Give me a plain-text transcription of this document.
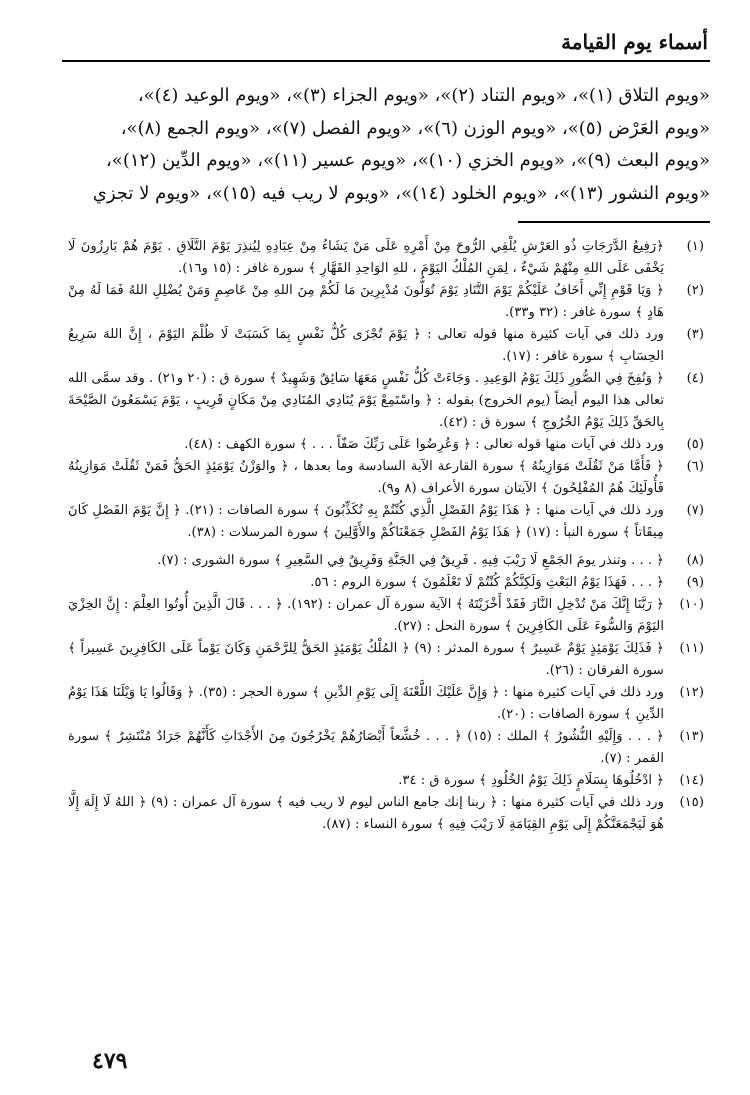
أسماء يوم القيامة
«ويوم التلاق (١)»، «ويوم التناد (٢)»، «ويوم الجزاء (٣)»، «ويوم الوعيد (٤)»،
«ويوم العَرْض (٥)»، «ويوم الوزن (٦)»، «ويوم الفصل (٧)»، «ويوم الجمع (٨)»،
«ويوم البعث (٩)»، «ويوم الخزي (١٠)»، «ويوم عسير (١١)»، «ويوم الدِّين (١٢)»،
«ويوم النشور (١٣)»، «ويوم الخلود (١٤)»، «ويوم لا ريب فيه (١٥)»، «ويوم لا تجزي
(١)
﴿رَفِيعُ الدَّرَجَاتِ ذُو العَرْشِ يُلْقِي الرُّوحَ مِنْ أَمْرِهِ عَلَى مَنْ يَشَاءُ مِنْ عِبَادِهِ لِيُنذِرَ يَوْمَ التَّلَاقِ . يَوْمَ هُمْ بَارِزُونَ لَا يَخْفَى عَلَى اللهِ مِنْهُمْ شَيْءٌ ، لِمَنِ المُلْكُ اليَوْمَ ، للهِ الوَاحِدِ القَهَّارِ ﴾ سورة غافر : (١٥ و١٦).
(٢)
﴿ وَيَا قَوْمِ إِنِّي أَخَافُ عَلَيْكُمْ يَوْمَ التَّنَادِ يَوْمَ تُوَلُّونَ مُدْبِرِينَ مَا لَكُمْ مِنَ اللهِ مِنْ عَاصِمٍ وَمَنْ يُضْلِلِ اللهُ فَمَا لَهُ مِنْ هَادٍ ﴾ سورة غافر : (٣٢ و٣٣).
(٣)
ورد ذلك في آيات كثيرة منها قوله تعالى : ﴿ يَوْمَ تُجْزَى كُلُّ نَفْسٍ بِمَا كَسَبَتْ لَا ظُلْمَ اليَوْمَ ، إِنَّ اللهَ سَرِيعُ الحِسَابِ ﴾ سورة غافر : (١٧).
(٤)
﴿ وَنُفِخَ فِي الصُّورِ ذَلِكَ يَوْمُ الوَعِيدِ . وَجَاءَتْ كُلُّ نَفْسٍ مَعَهَا سَائِقٌ وَشَهِيدٌ ﴾ سورة ق : (٢٠ و٢١) . وقد سمَّى الله تعالى هذا اليوم أيضاً (يوم الخروج) بقوله : ﴿ واسْتَمِعْ يَوْمَ يُنَادِي المُنَادِي مِنْ مَكَانٍ قَرِيبٍ ، يَوْمَ يَسْمَعُونَ الصَّيْحَةَ بِالحَقِّ ذَلِكَ يَوْمُ الخُرُوجِ ﴾ سورة ق : (٤٢).
(٥)
ورد ذلك في آيات منها قوله تعالى : ﴿ وَعُرِضُوا عَلَى رَبِّكَ صَفّاً . . . ﴾ سورة الكهف : (٤٨).
(٦)
﴿ فَأَمَّا مَنْ ثَقُلَتْ مَوَازِينُهُ ﴾ سورة القارعة الآية السادسة وما بعدها ، ﴿ والوَزْنُ يَوْمَئِذٍ الحَقُّ فَمَنْ ثَقُلَتْ مَوَازِينُهُ فَأُولَئِكَ هُمُ المُفْلِحُونَ ﴾ الآيتان سورة الأعراف (٨ و٩).
(٧)
ورد ذلك في آيات منها : ﴿ هَذَا يَوْمُ الفَصْلِ الَّذِي كُنْتُمْ بِهِ تُكَذِّبُونَ ﴾ سورة الصافات : (٢١). ﴿ إِنَّ يَوْمَ الفَصْلِ كَانَ مِيقَاتاً ﴾ سورة النبأ : (١٧) ﴿ هَذَا يَوْمُ الفَصْلِ جَمَعْنَاكُمْ والأَوَّلِينَ ﴾ سورة المرسلات : (٣٨).
(٨)
﴿ . . . وتنذر يومَ الجَمْعِ لَا رَيْبَ فِيهِ . فَرِيقٌ فِي الجَنَّةِ وَفَرِيقٌ فِي السَّعِيرِ ﴾ سورة الشورى : (٧).
(٩)
﴿ . . . فَهَذَا يَوْمُ البَعْثِ وَلَكِنَّكُمْ كُنْتُمْ لَا تَعْلَمُونَ ﴾ سورة الروم : ٥٦.
(١٠)
﴿ رَبَّنَا إِنَّكَ مَنْ تُدْخِلِ النَّارَ فَقَدْ أَخْزَيْتَهُ ﴾ الآية سورة آل عمران : (١٩٢). ﴿ . . . قَالَ الَّذِينَ أُوتُوا العِلْمَ : إِنَّ الخِزْيَ اليَوْمَ وَالسُّوءَ عَلَى الكَافِرِينَ ﴾ سورة النحل : (٢٧).
(١١)
﴿ فَذَلِكَ يَوْمَئِذٍ يَوْمٌ عَسِيرٌ ﴾ سورة المدثر : (٩) ﴿ المُلْكُ يَوْمَئِذٍ الحَقُّ لِلرَّحْمَنِ وَكَانَ يَوْماً عَلَى الكَافِرِينَ عَسِيراً ﴾ سورة الفرقان : (٢٦).
(١٢)
ورد ذلك في آيات كثيرة منها : ﴿ وَإِنَّ عَلَيْكَ اللَّعْنَةَ إِلَى يَوْمِ الدِّينِ ﴾ سورة الحجر : (٣٥). ﴿ وَقَالُوا يَا وَيْلَنَا هَذَا يَوْمُ الدِّينِ ﴾ سورة الصافات : (٢٠).
(١٣)
﴿ . . . وَإِلَيْهِ النُّشُورُ ﴾ الملك : (١٥) ﴿ . . . خُشَّعاً أَبْصَارُهُمْ يَخْرُجُونَ مِنَ الأَجْدَاثِ كَأَنَّهُمْ جَرَادٌ مُنْتَشِرٌ ﴾ سورة القمر : (٧).
(١٤)
﴿ ادْخُلُوهَا بِسَلَامٍ ذَلِكَ يَوْمُ الخُلُودِ ﴾ سورة ق : ٣٤.
(١٥)
ورد ذلك في آيات كثيرة منها : ﴿ ربنا إنك جامع الناس ليوم لا ريب فيه ﴾ سورة آل عمران : (٩) ﴿ اللهُ لَا إِلَهَ إِلَّا هُوَ لَيَجْمَعَنَّكُمْ إِلَى يَوْمِ القِيَامَةِ لَا رَيْبَ فِيهِ ﴾ سورة النساء : (٨٧).
٤٧٩
